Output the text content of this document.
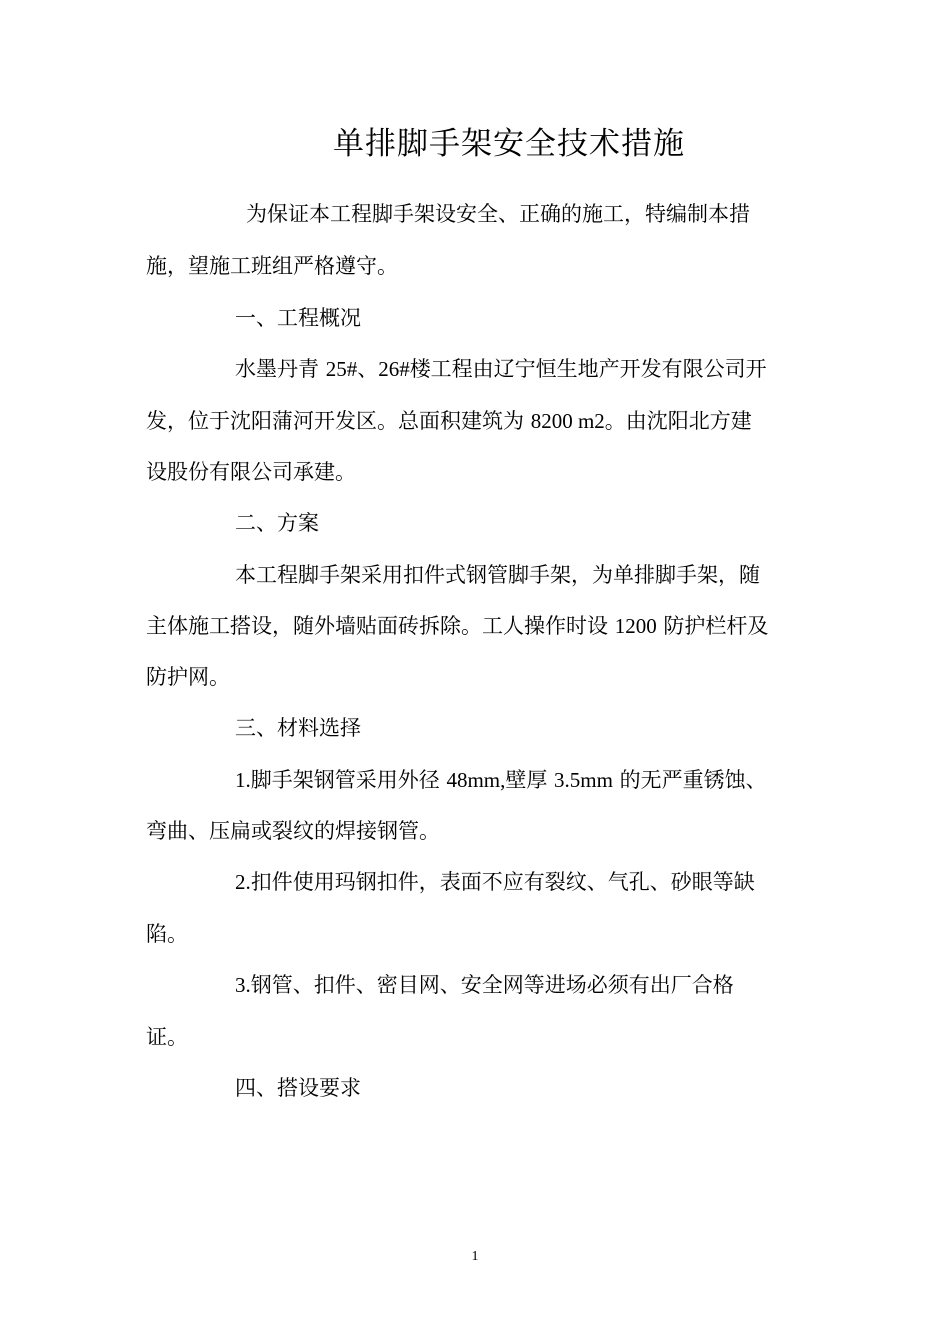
单排脚手架安全技术措施
为保证本工程脚手架设安全、正确的施工，特编制本措
施，望施工班组严格遵守。
一、工程概况
水墨丹青 25#、26#楼工程由辽宁恒生地产开发有限公司开
发，位于沈阳蒲河开发区。总面积建筑为 8200 m2。由沈阳北方建
设股份有限公司承建。
二、方案
本工程脚手架采用扣件式钢管脚手架，为单排脚手架，随
主体施工搭设，随外墙贴面砖拆除。工人操作时设 1200 防护栏杆及
防护网。
三、材料选择
1.脚手架钢管采用外径 48mm,壁厚 3.5mm 的无严重锈蚀、
弯曲、压扁或裂纹的焊接钢管。
2.扣件使用玛钢扣件，表面不应有裂纹、气孔、砂眼等缺
陷。
3.钢管、扣件、密目网、安全网等进场必须有出厂合格
证。
四、搭设要求
1
